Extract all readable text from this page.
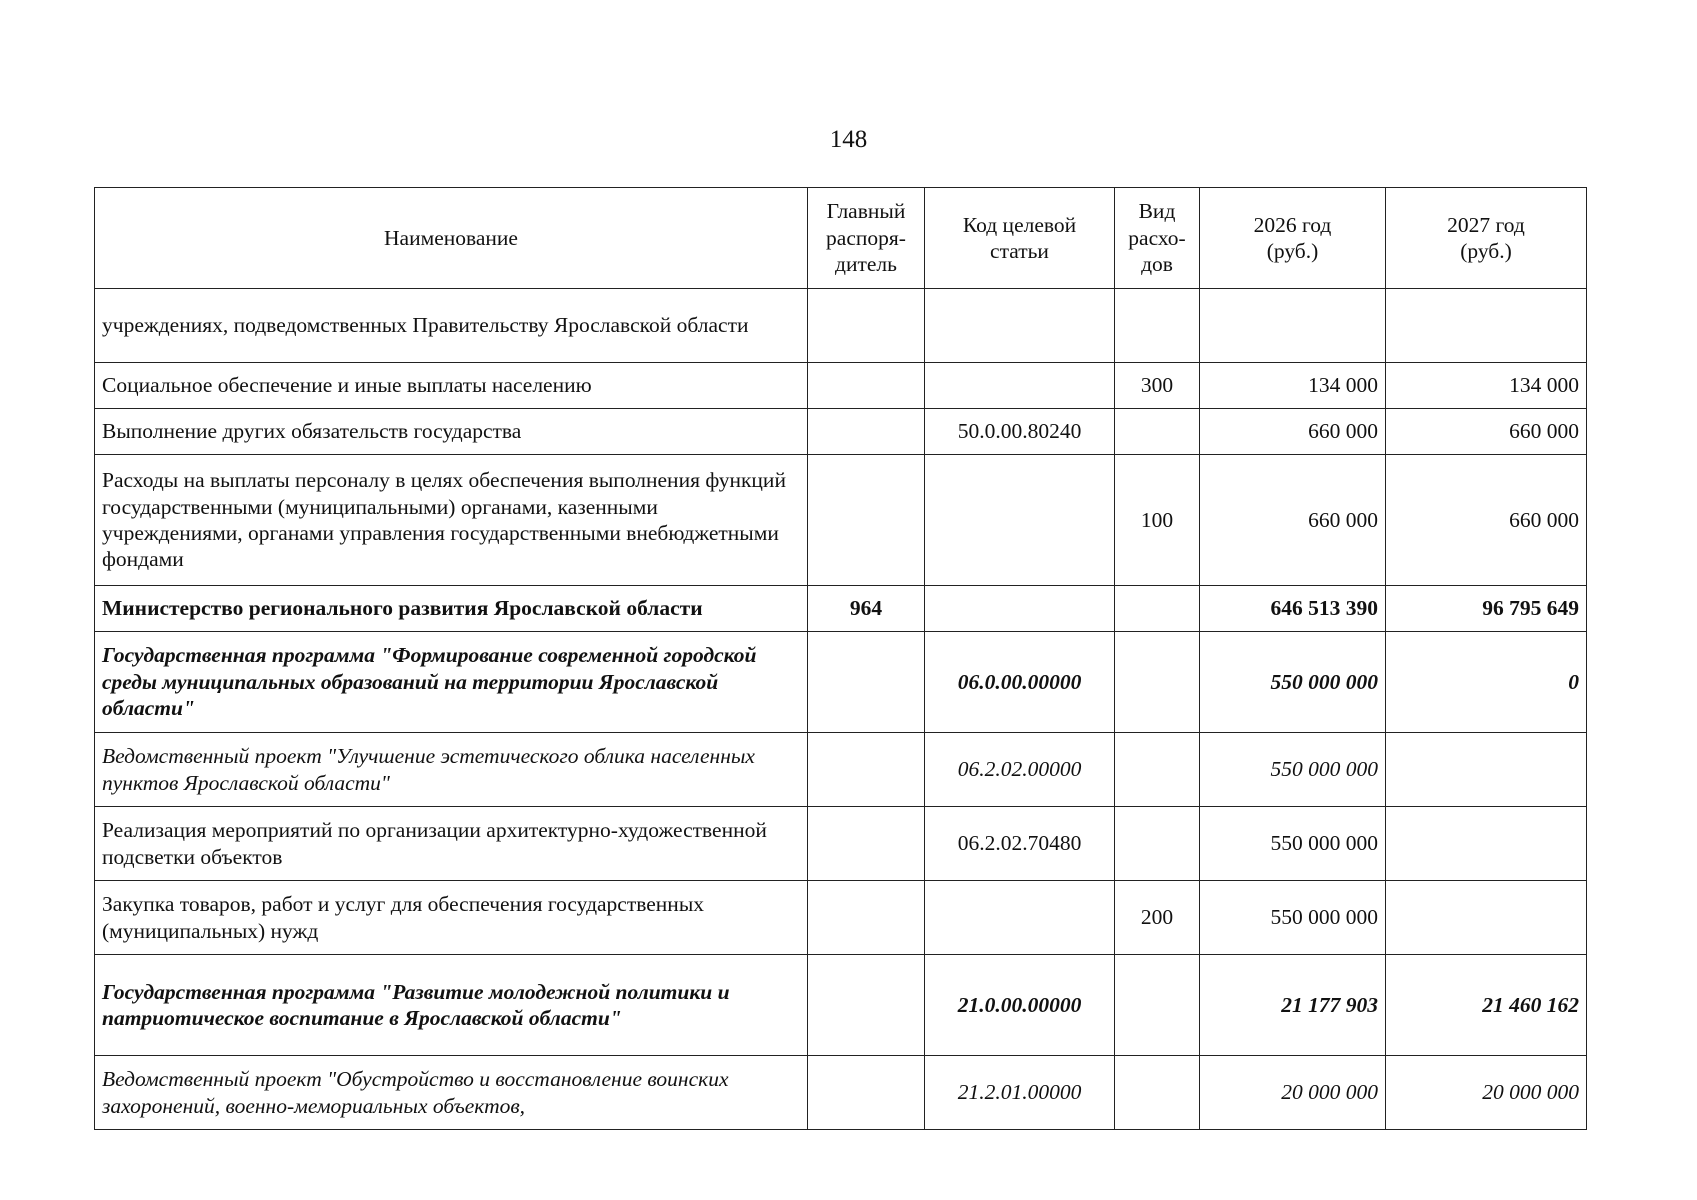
148
Наименование	Главный распоря-дитель	Код целевой статьи	Вид расхо-дов	2026 год (руб.)	2027 год (руб.)
учреждениях, подведомственных Правительству Ярославской области					
Социальное обеспечение и иные выплаты населению			300	134 000	134 000
Выполнение других обязательств государства		50.0.00.80240		660 000	660 000
Расходы на выплаты персоналу в целях обеспечения выполнения функций государственными (муниципальными) органами, казенными учреждениями, органами управления государственными внебюджетными фондами			100	660 000	660 000
Министерство регионального развития Ярославской области	964			646 513 390	96 795 649
Государственная программа "Формирование современной городской среды муниципальных образований на территории Ярославской области"		06.0.00.00000		550 000 000	0
Ведомственный проект "Улучшение эстетического облика населенных пунктов Ярославской области"		06.2.02.00000		550 000 000	
Реализация мероприятий по организации архитектурно-художественной подсветки объектов		06.2.02.70480		550 000 000	
Закупка товаров, работ и услуг для обеспечения государственных (муниципальных) нужд			200	550 000 000	
Государственная программа "Развитие молодежной политики и патриотическое воспитание в Ярославской области"		21.0.00.00000		21 177 903	21 460 162
Ведомственный проект "Обустройство и восстановление воинских захоронений, военно-мемориальных объектов,		21.2.01.00000		20 000 000	20 000 000
